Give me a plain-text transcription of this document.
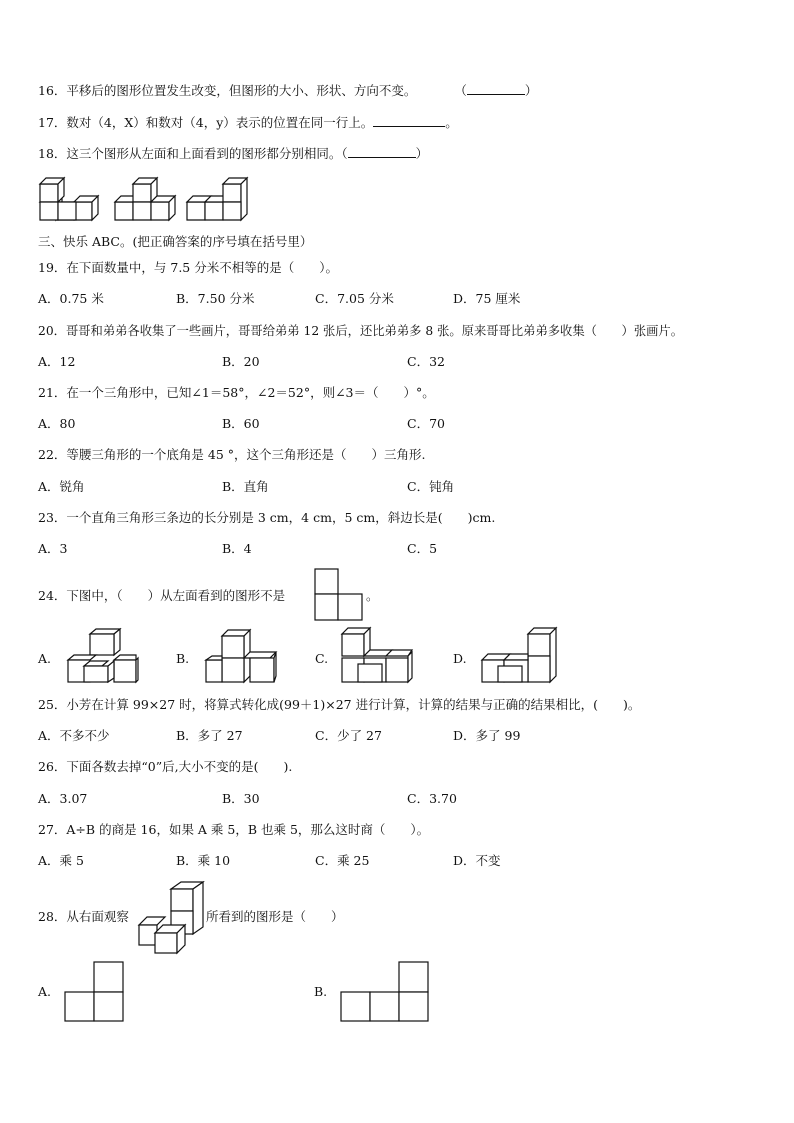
16．平移后的图形位置发生改变，但图形的大小、形状、方向不变。	（	）
17．数对（4，X）和数对（4，y）表示的位置在同一行上。	。
18．这三个图形从左面和上面看到的图形都分别相同。（	）
三、快乐 ABC。(把正确答案的序号填在括号里）
19．在下面数量中，与 7.5 分米不相等的是（　　）。
A．0.75 米	B．7.50 分米	C．7.05 分米	D．75 厘米
20．哥哥和弟弟各收集了一些画片，哥哥给弟弟 12 张后，还比弟弟多 8 张。原来哥哥比弟弟多收集（　　）张画片。
A．12	B．20	C．32
21．在一个三角形中，已知∠1＝58°，∠2＝52°，则∠3＝（　　）°。
A．80	B．60	C．70
22．等腰三角形的一个底角是 45 °，这个三角形还是（　　）三角形.
A．锐角	B．直角	C．钝角
23．一个直角三角形三条边的长分别是 3 cm，4 cm，5 cm，斜边长是(　　)cm.
A．3	B．4	C．5
24．下图中，（　　）从左面看到的图形不是	。
A.	B.	C.	D.
25．小芳在计算 99×27 时，将算式转化成(99＋1)×27 进行计算，计算的结果与正确的结果相比，(　　)。
A．不多不少	B．多了 27	C．少了 27	D．多了 99
26．下面各数去掉“0”后,大小不变的是(　　).
A．3.07	B．30	C．3.70
27．A÷B 的商是 16，如果 A 乘 5，B 也乘 5，那么这时商（　　）。
A．乘 5	B．乘 10	C．乘 25	D．不变
28．从右面观察	所看到的图形是（　　）
A.	B.
